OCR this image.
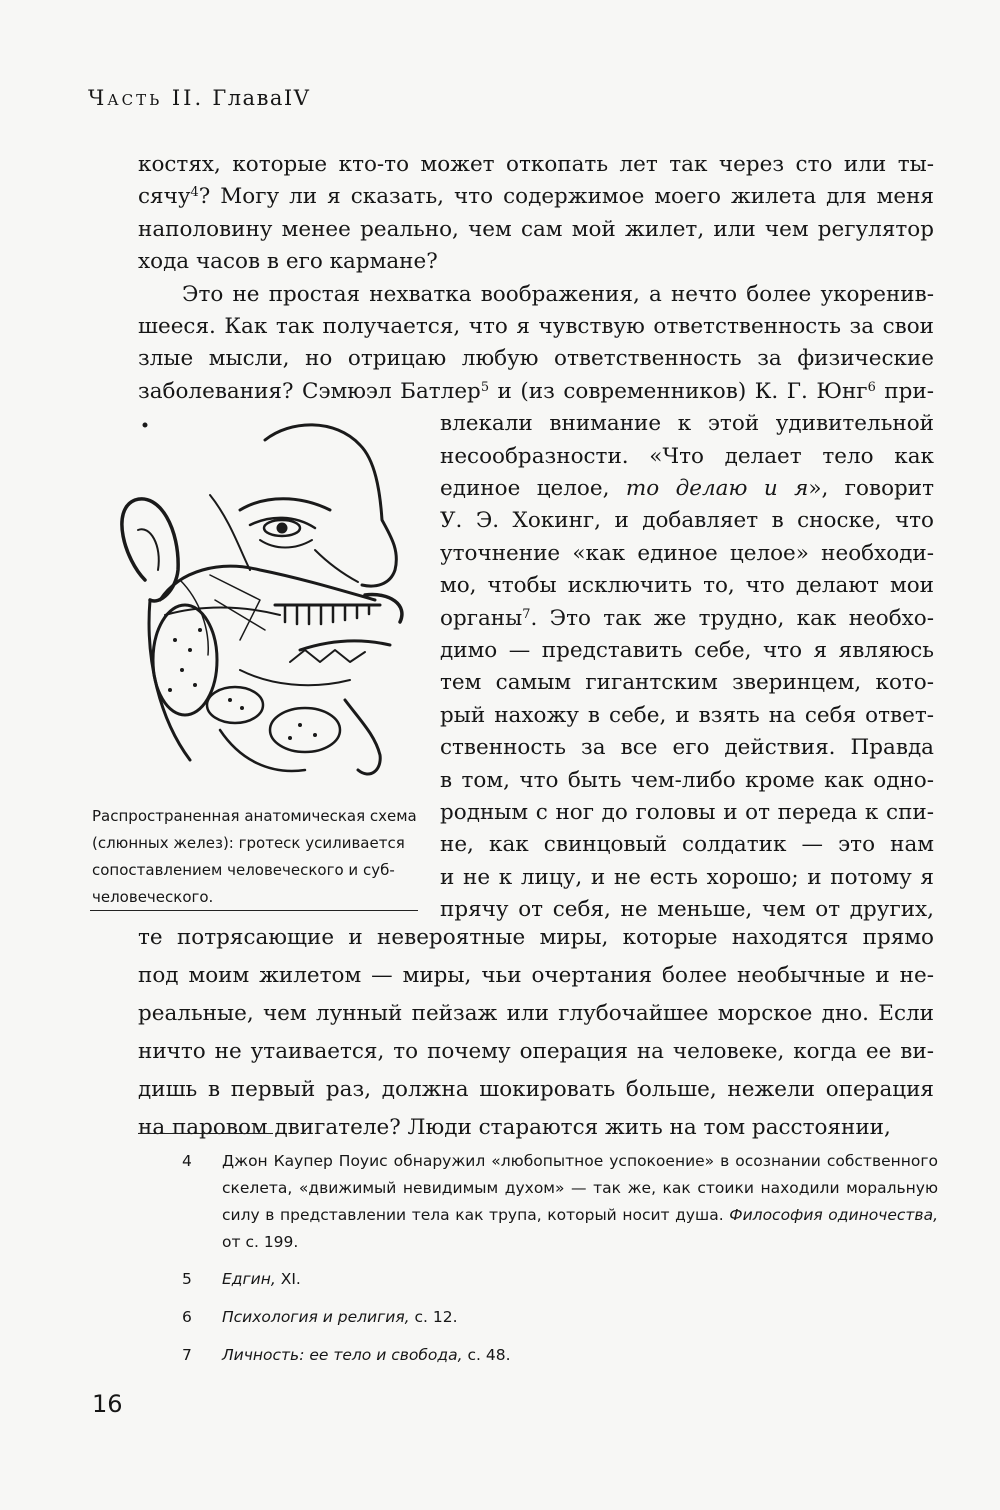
Часть II. ГлаваIV
костях, которые кто-то может откопать лет так через сто или ты-
сячу$^4$? Могу ли я сказать, что содержимое моего жилета для меня
наполовину менее реально, чем сам мой жилет, или чем регулятор
хода часов в его кармане?
Это не простая нехватка воображения, а нечто более укоренив-
шееся. Как так получается, что я чувствую ответственность за свои
злые мысли, но отрицаю любую ответственность за физические
заболевания? Сэмюэл Батлер$^5$ и (из современников) К. Г. Юнг$^6$ при-
влекали внимание к этой удивительной
несообразности. «Что делает тело как
единое целое, то делаю и я», говорит
У. Э. Хокинг, и добавляет в сноске, что
уточнение «как единое целое» необходи-
мо, чтобы исключить то, что делают мои
органы$^7$. Это так же трудно, как необхо-
димо — представить себе, что я являюсь
тем самым гигантским зверинцем, кото-
рый нахожу в себе, и взять на себя ответ-
ственность за все его действия. Правда
в том, что быть чем-либо кроме как одно-
родным с ног до головы и от переда к спи-
не, как свинцовый солдатик — это нам
и не к лицу, и не есть хорошо; и потому я
прячу от себя, не меньше, чем от других,
те потрясающие и невероятные миры, которые находятся прямо
под моим жилетом — миры, чьи очертания более необычные и не-
реальные, чем лунный пейзаж или глубочайшее морское дно. Если
ничто не утаивается, то почему операция на человеке, когда ее ви-
дишь в первый раз, должна шокировать больше, нежели операция
на паровом двигателе? Люди стараются жить на том расстоянии,
Распространенная анатомическая схема
(слюнных желез): гротеск усиливается
сопоставлением человеческого и суб-
человеческого.
4 Джон Каупер Поуис обнаружил «любопытное успокоение» в осознании собственного
скелета, «движимый невидимым духом» — так же, как стоики находили моральную
силу в представлении тела как трупа, который носит душа. Философия одиночества,
от с. 199.
5 Едгин, XI.
6 Психология и религия, с. 12.
7 Личность: ее тело и свобода, с. 48.
16
